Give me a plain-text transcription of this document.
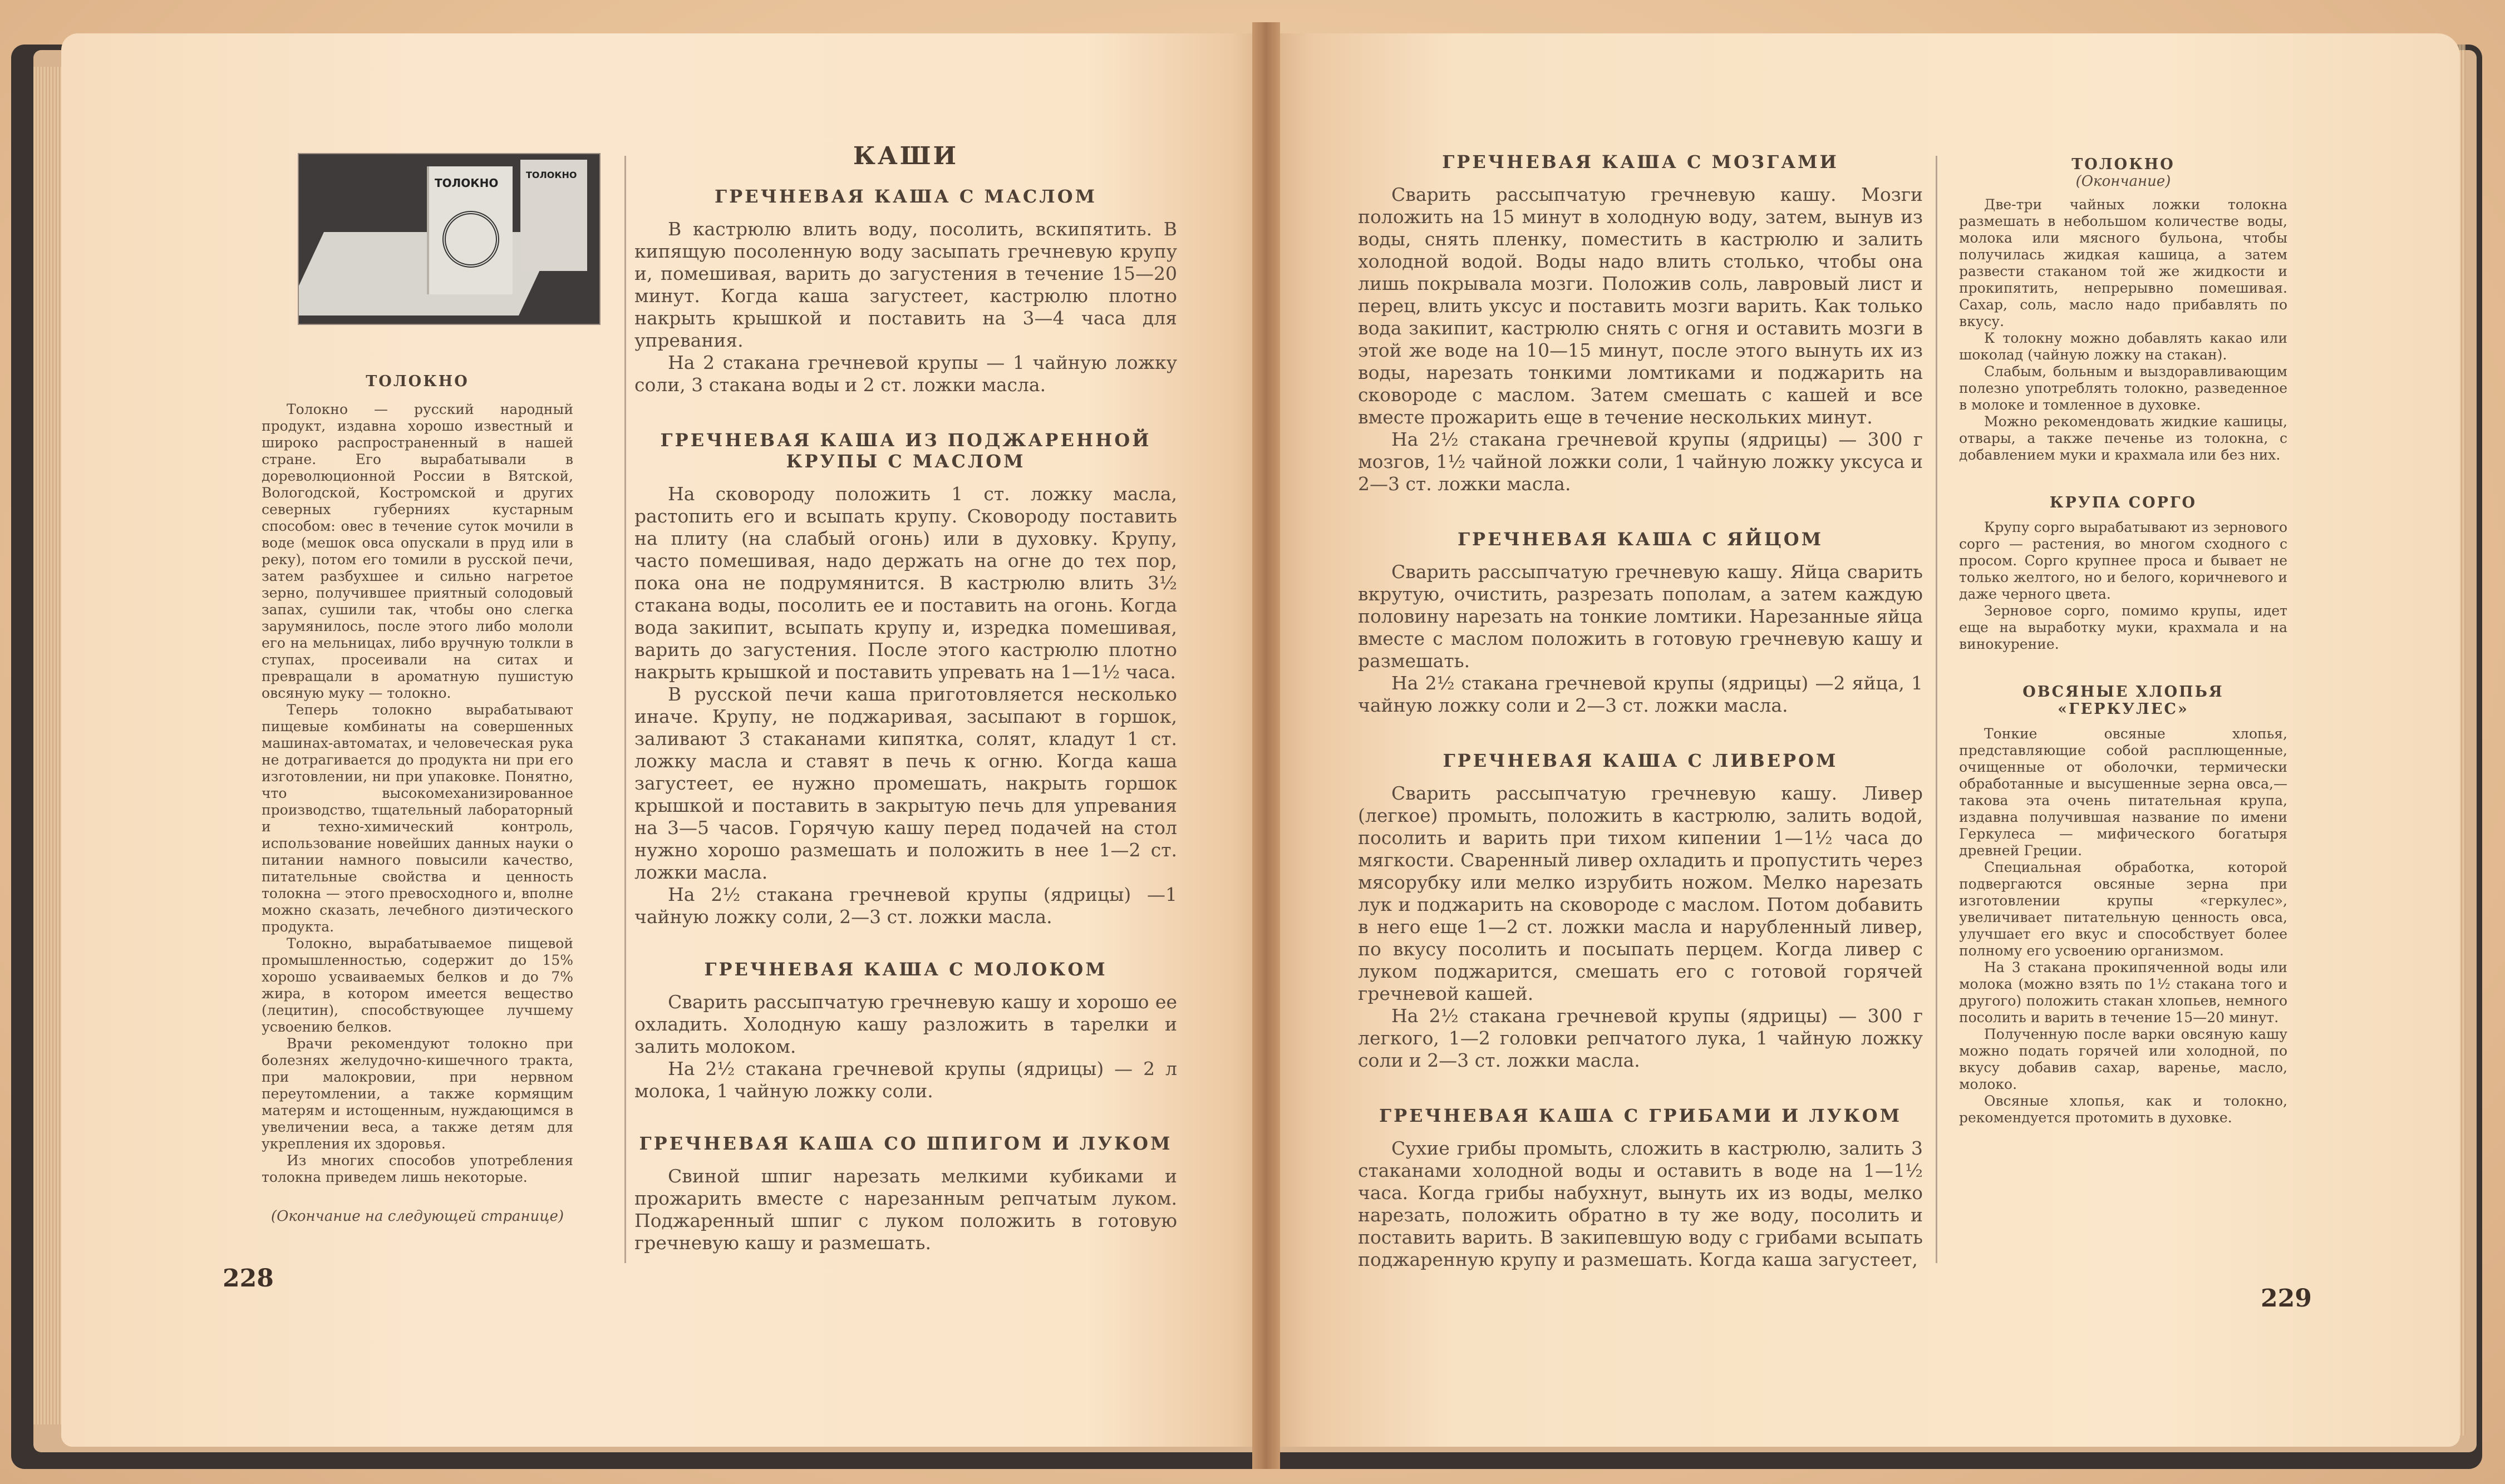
ТОЛОКНО
ТОЛОКНО

ТОЛОКНО

Толокно — русский народный продукт, издавна хорошо известный и широко распространенный в нашей стране. Его вырабатывали в дореволюционной России в Вятской, Вологодской, Костромской и других северных губерниях кустарным способом: овес в течение суток мочили в воде (мешок овса опускали в пруд или в реку), потом его томили в русской печи, затем разбухшее и сильно нагретое зерно, получившее приятный солодовый запах, сушили так, чтобы оно слегка зарумянилось, после этого либо мололи его на мельницах, либо вручную толкли в ступах, просеивали на ситах и превращали в ароматную пушистую овсяную муку — толокно.

Теперь толокно вырабатывают пищевые комбинаты на совершенных машинах-автоматах, и человеческая рука не дотрагивается до продукта ни при его изготовлении, ни при упаковке. Понятно, что высокомеханизированное производство, тщательный лабораторный и техно-химический контроль, использование новейших данных науки о питании намного повысили качество, питательные свойства и ценность толокна — этого превосходного и, вполне можно сказать, лечебного диэтического продукта.

Толокно, вырабатываемое пищевой промышленностью, содержит до 15% хорошо усваиваемых белков и до 7% жира, в котором имеется вещество (лецитин), способствующее лучшему усвоению белков.

Врачи рекомендуют толокно при болезнях желудочно-кишечного тракта, при малокровии, при нервном переутомлении, а также кормящим матерям и истощенным, нуждающимся в увеличении веса, а также детям для укрепления их здоровья.

Из многих способов употребления толокна приведем лишь некоторые.

(Окончание на следующей странице)

КАШИ

ГРЕЧНЕВАЯ КАША С МАСЛОМ

В кастрюлю влить воду, посолить, вскипятить. В кипящую посоленную воду засыпать гречневую крупу и, помешивая, варить до загустения в течение 15—20 минут. Когда каша загустеет, кастрюлю плотно накрыть крышкой и поставить на 3—4 часа для упревания.

На 2 стакана гречневой крупы — 1 чайную ложку соли, 3 стакана воды и 2 ст. ложки масла.

ГРЕЧНЕВАЯ КАША ИЗ ПОДЖАРЕННОЙ КРУПЫ С МАСЛОМ

На сковороду положить 1 ст. ложку масла, растопить его и всыпать крупу. Сковороду поставить на плиту (на слабый огонь) или в духовку. Крупу, часто помешивая, надо держать на огне до тех пор, пока она не подрумянится. В кастрюлю влить 3½ стакана воды, посолить ее и поставить на огонь. Когда вода закипит, всыпать крупу и, изредка помешивая, варить до загустения. После этого кастрюлю плотно накрыть крышкой и поставить упревать на 1—1½ часа.

В русской печи каша приготовляется несколько иначе. Крупу, не поджаривая, засыпают в горшок, заливают 3 стаканами кипятка, солят, кладут 1 ст. ложку масла и ставят в печь к огню. Когда каша загустеет, ее нужно промешать, накрыть горшок крышкой и поставить в закрытую печь для упревания на 3—5 часов. Горячую кашу перед подачей на стол нужно хорошо размешать и положить в нее 1—2 ст. ложки масла.

На 2½ стакана гречневой крупы (ядрицы) —1 чайную ложку соли, 2—3 ст. ложки масла.

ГРЕЧНЕВАЯ КАША С МОЛОКОМ

Сварить рассыпчатую гречневую кашу и хорошо ее охладить. Холодную кашу разложить в тарелки и залить молоком.

На 2½ стакана гречневой крупы (ядрицы) — 2 л молока, 1 чайную ложку соли.

ГРЕЧНЕВАЯ КАША СО ШПИГОМ И ЛУКОМ

Свиной шпиг нарезать мелкими кубиками и прожарить вместе с нарезанным репчатым луком. Поджаренный шпиг с луком положить в готовую гречневую кашу и размешать.

228

ГРЕЧНЕВАЯ КАША С МОЗГАМИ

Сварить рассыпчатую гречневую кашу. Мозги положить на 15 минут в холодную воду, затем, вынув из воды, снять пленку, поместить в кастрюлю и залить холодной водой. Воды надо влить столько, чтобы она лишь покрывала мозги. Положив соль, лавровый лист и перец, влить уксус и поставить мозги варить. Как только вода закипит, кастрюлю снять с огня и оставить мозги в этой же воде на 10—15 минут, после этого вынуть их из воды, нарезать тонкими ломтиками и поджарить на сковороде с маслом. Затем смешать с кашей и все вместе прожарить еще в течение нескольких минут.

На 2½ стакана гречневой крупы (ядрицы) — 300 г мозгов, 1½ чайной ложки соли, 1 чайную ложку уксуса и 2—3 ст. ложки масла.

ГРЕЧНЕВАЯ КАША С ЯЙЦОМ

Сварить рассыпчатую гречневую кашу. Яйца сварить вкрутую, очистить, разрезать пополам, а затем каждую половину нарезать на тонкие ломтики. Нарезанные яйца вместе с маслом положить в готовую гречневую кашу и размешать.

На 2½ стакана гречневой крупы (ядрицы) —2 яйца, 1 чайную ложку соли и 2—3 ст. ложки масла.

ГРЕЧНЕВАЯ КАША С ЛИВЕРОМ

Сварить рассыпчатую гречневую кашу. Ливер (легкое) промыть, положить в кастрюлю, залить водой, посолить и варить при тихом кипении 1—1½ часа до мягкости. Сваренный ливер охладить и пропустить через мясорубку или мелко изрубить ножом. Мелко нарезать лук и поджарить на сковороде с маслом. Потом добавить в него еще 1—2 ст. ложки масла и нарубленный ливер, по вкусу посолить и посыпать перцем. Когда ливер с луком поджарится, смешать его с готовой горячей гречневой кашей.

На 2½ стакана гречневой крупы (ядрицы) — 300 г легкого, 1—2 головки репчатого лука, 1 чайную ложку соли и 2—3 ст. ложки масла.

ГРЕЧНЕВАЯ КАША С ГРИБАМИ И ЛУКОМ

Сухие грибы промыть, сложить в кастрюлю, залить 3 стаканами холодной воды и оставить в воде на 1—1½ часа. Когда грибы набухнут, вынуть их из воды, мелко нарезать, положить обратно в ту же воду, посолить и поставить варить. В закипевшую воду с грибами всыпать поджаренную крупу и размешать. Когда каша загустеет,

ТОЛОКНО

(Окончание)

Две-три чайных ложки толокна размешать в небольшом количестве воды, молока или мясного бульона, чтобы получилась жидкая кашица, а затем развести стаканом той же жидкости и прокипятить, непрерывно помешивая. Сахар, соль, масло надо прибавлять по вкусу.

К толокну можно добавлять какао или шоколад (чайную ложку на стакан).

Слабым, больным и выздоравливающим полезно употреблять толокно, разведенное в молоке и томленное в духовке.

Можно рекомендовать жидкие кашицы, отвары, а также печенье из толокна, с добавлением муки и крахмала или без них.

КРУПА СОРГО

Крупу сорго вырабатывают из зернового сорго — растения, во многом сходного с просом. Сорго крупнее проса и бывает не только желтого, но и белого, коричневого и даже черного цвета.

Зерновое сорго, помимо крупы, идет еще на выработку муки, крахмала и на винокурение.

ОВСЯНЫЕ ХЛОПЬЯ «ГЕРКУЛЕС»

Тонкие овсяные хлопья, представляющие собой расплющенные, очищенные от оболочки, термически обработанные и высушенные зерна овса,— такова эта очень питательная крупа, издавна получившая название по имени Геркулеса — мифического богатыря древней Греции.

Специальная обработка, которой подвергаются овсяные зерна при изготовлении крупы «геркулес», увеличивает питательную ценность овса, улучшает его вкус и способствует более полному его усвоению организмом.

На 3 стакана прокипяченной воды или молока (можно взять по 1½ стакана того и другого) положить стакан хлопьев, немного посолить и варить в течение 15—20 минут.

Полученную после варки овсяную кашу можно подать горячей или холодной, по вкусу добавив сахар, варенье, масло, молоко.

Овсяные хлопья, как и толокно, рекомендуется протомить в духовке.

229
